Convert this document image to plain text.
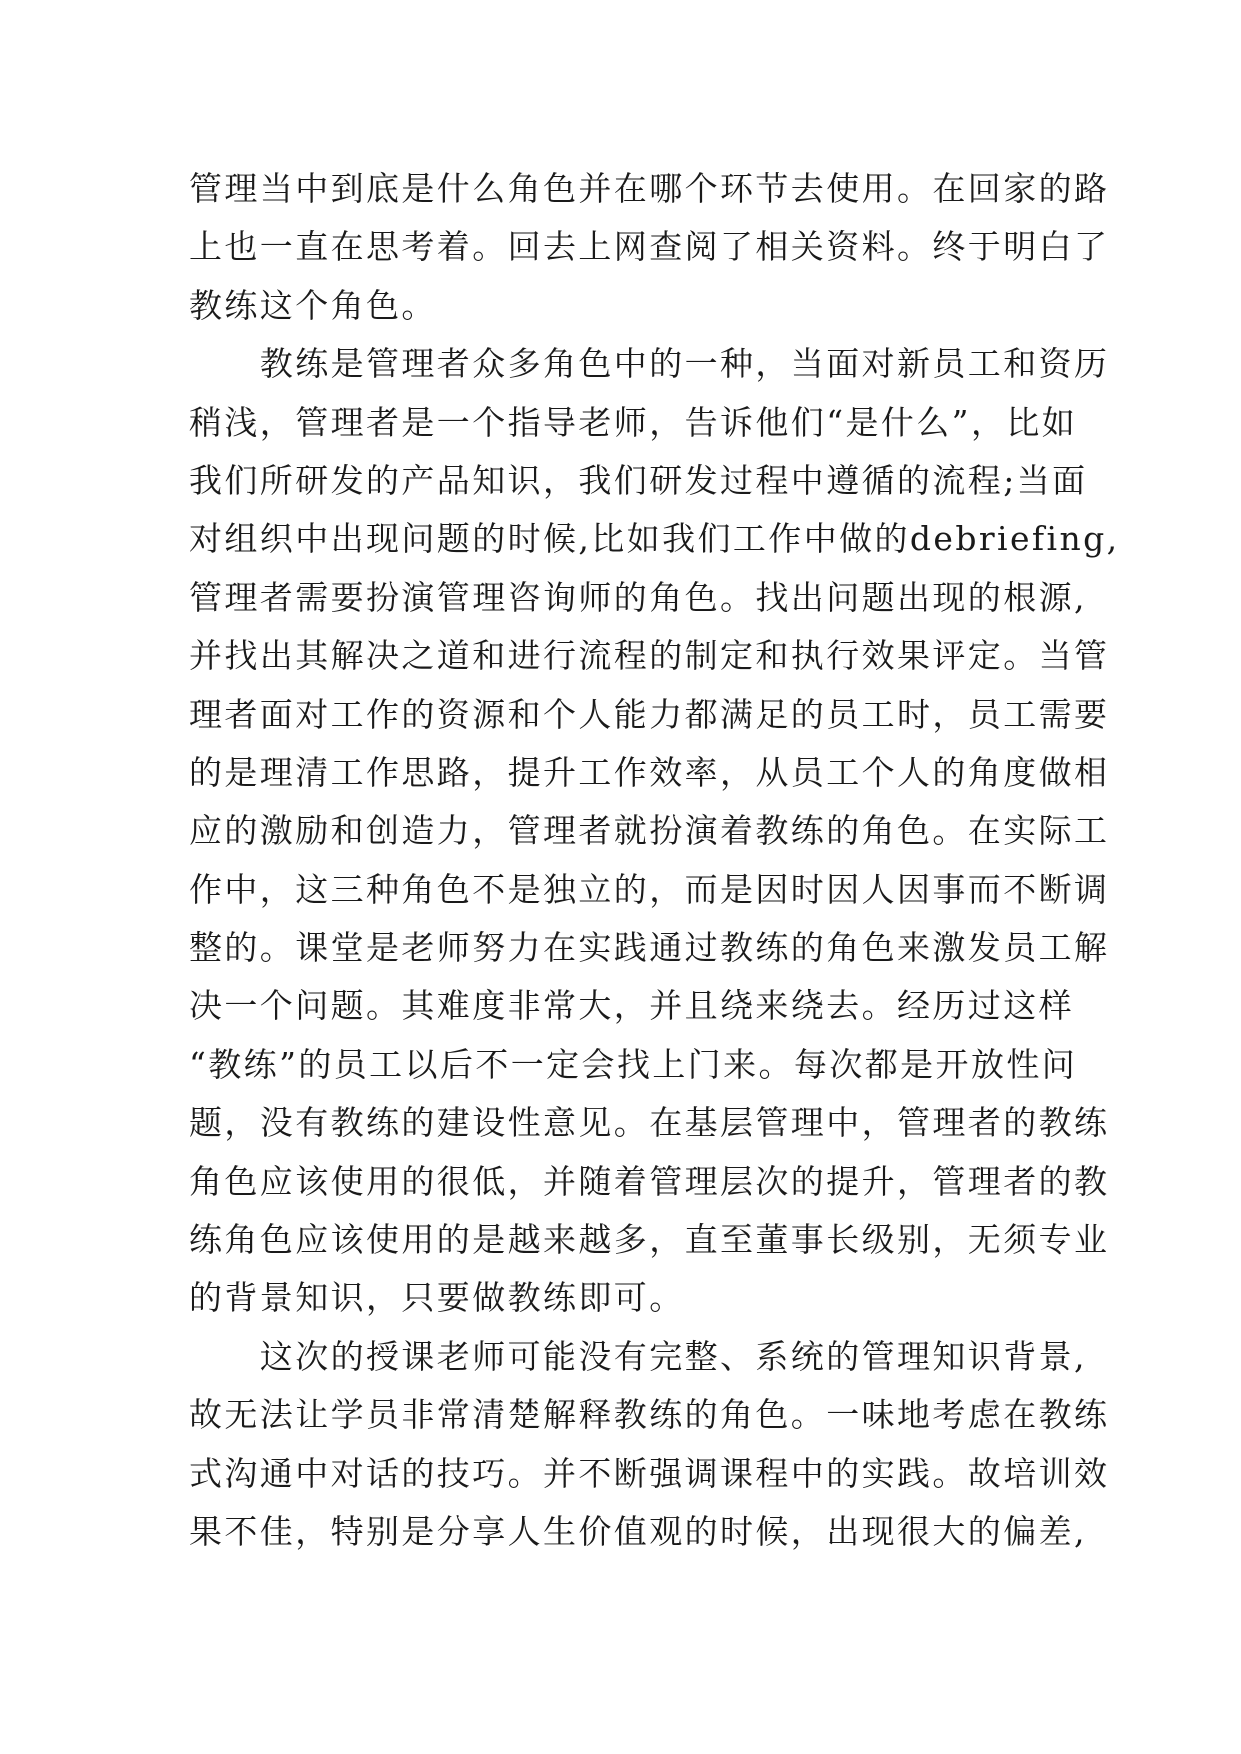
管理当中到底是什么角色并在哪个环节去使用。在回家的路
上也一直在思考着。回去上网查阅了相关资料。终于明白了
教练这个角色。
　　教练是管理者众多角色中的一种，当面对新员工和资历
稍浅，管理者是一个指导老师，告诉他们“是什么”，比如
我们所研发的产品知识，我们研发过程中遵循的流程;当面
对组织中出现问题的时候,比如我们工作中做的debriefing,
管理者需要扮演管理咨询师的角色。找出问题出现的根源,
并找出其解决之道和进行流程的制定和执行效果评定。当管
理者面对工作的资源和个人能力都满足的员工时，员工需要
的是理清工作思路，提升工作效率，从员工个人的角度做相
应的激励和创造力，管理者就扮演着教练的角色。在实际工
作中，这三种角色不是独立的，而是因时因人因事而不断调
整的。课堂是老师努力在实践通过教练的角色来激发员工解
决一个问题。其难度非常大，并且绕来绕去。经历过这样
“教练”的员工以后不一定会找上门来。每次都是开放性问
题，没有教练的建设性意见。在基层管理中，管理者的教练
角色应该使用的很低，并随着管理层次的提升，管理者的教
练角色应该使用的是越来越多，直至董事长级别，无须专业
的背景知识，只要做教练即可。
　　这次的授课老师可能没有完整、系统的管理知识背景,
故无法让学员非常清楚解释教练的角色。一味地考虑在教练
式沟通中对话的技巧。并不断强调课程中的实践。故培训效
果不佳，特别是分享人生价值观的时候，出现很大的偏差,
